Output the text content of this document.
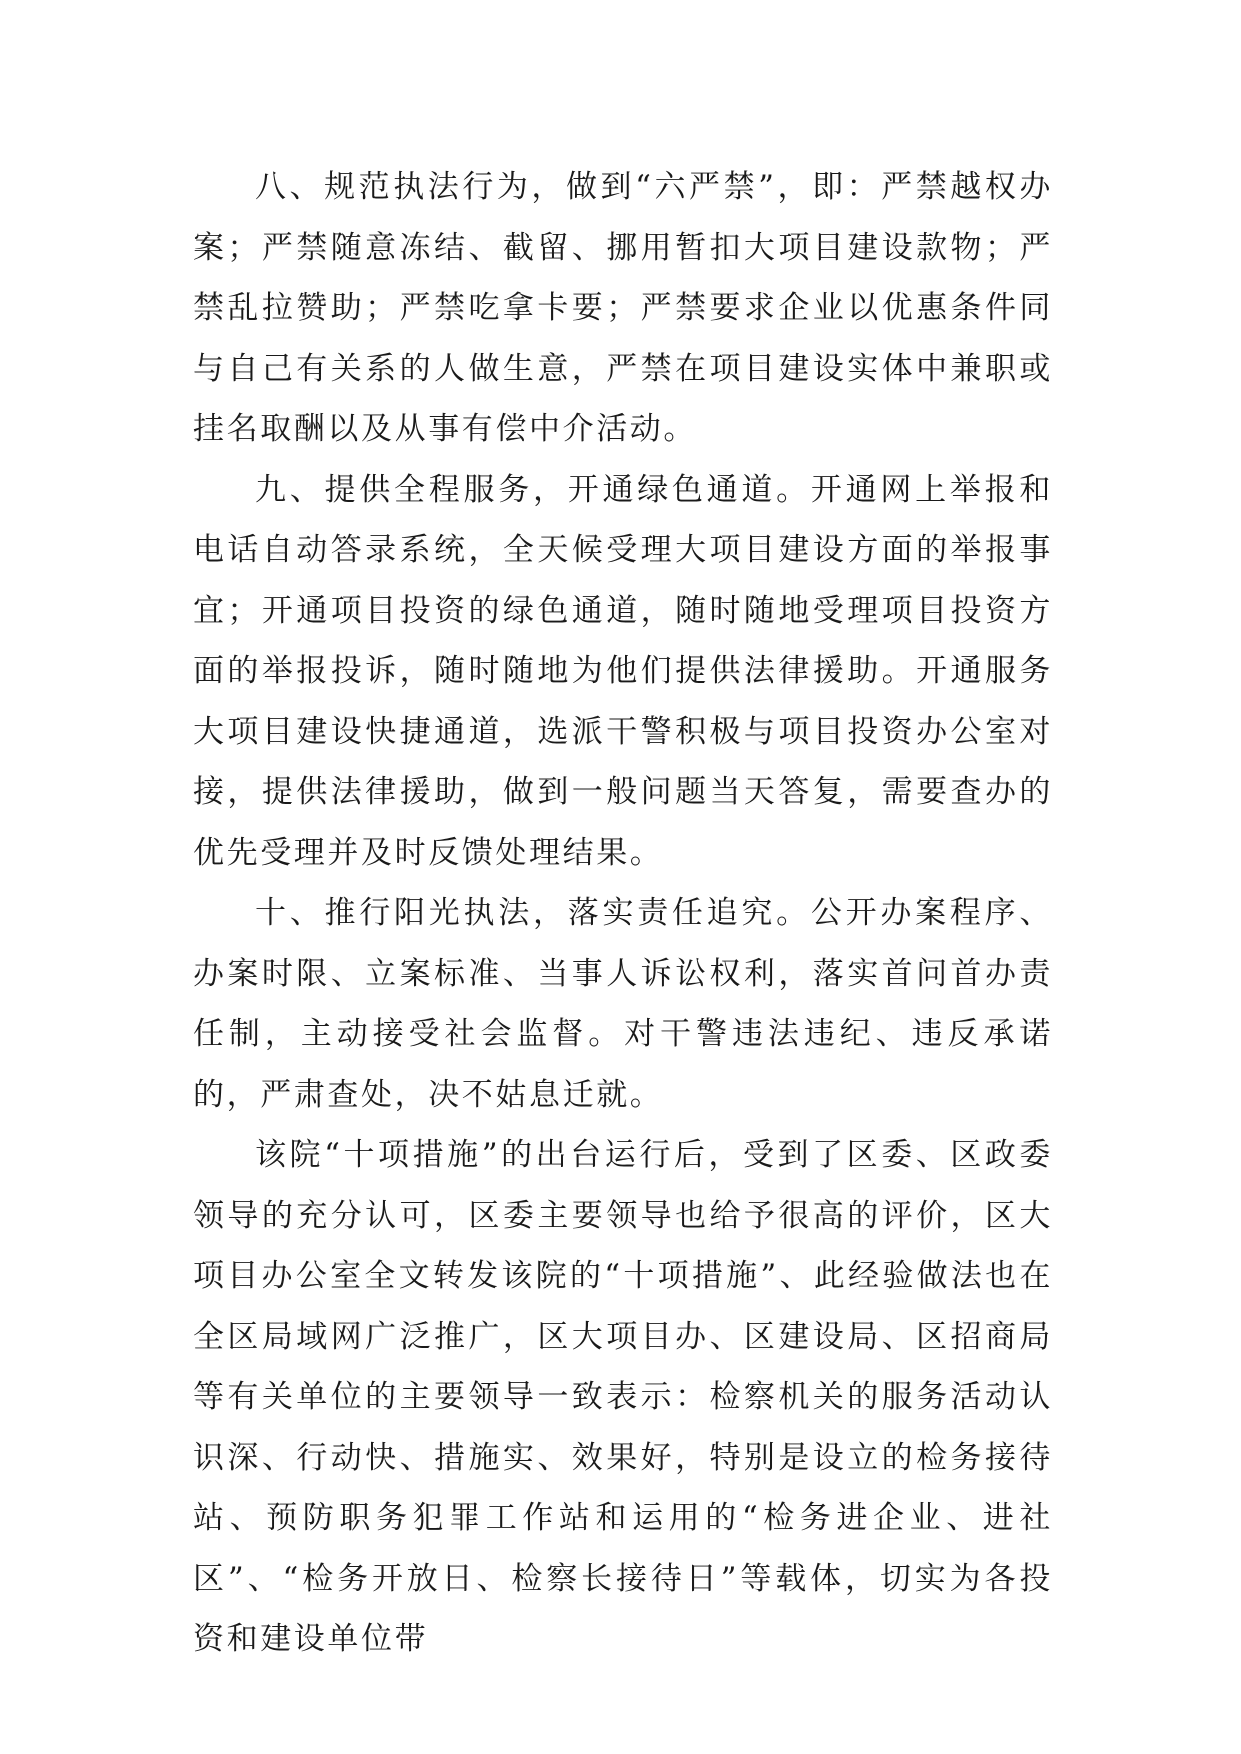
八、规范执法行为，做到“六严禁”，即：严禁越权办案；严禁随意冻结、截留、挪用暂扣大项目建设款物；严禁乱拉赞助；严禁吃拿卡要；严禁要求企业以优惠条件同与自己有关系的人做生意，严禁在项目建设实体中兼职或挂名取酬以及从事有偿中介活动。

九、提供全程服务，开通绿色通道。开通网上举报和电话自动答录系统，全天候受理大项目建设方面的举报事宜；开通项目投资的绿色通道，随时随地受理项目投资方面的举报投诉，随时随地为他们提供法律援助。开通服务大项目建设快捷通道，选派干警积极与项目投资办公室对接，提供法律援助，做到一般问题当天答复，需要查办的优先受理并及时反馈处理结果。

十、推行阳光执法，落实责任追究。公开办案程序、办案时限、立案标准、当事人诉讼权利，落实首问首办责任制，主动接受社会监督。对干警违法违纪、违反承诺的，严肃查处，决不姑息迁就。

该院“十项措施”的出台运行后，受到了区委、区政委领导的充分认可，区委主要领导也给予很高的评价，区大项目办公室全文转发该院的“十项措施”、此经验做法也在全区局域网广泛推广，区大项目办、区建设局、区招商局等有关单位的主要领导一致表示：检察机关的服务活动认识深、行动快、措施实、效果好，特别是设立的检务接待站、预防职务犯罪工作站和运用的“检务进企业、进社区”、“检务开放日、检察长接待日”等载体，切实为各投资和建设单位带
